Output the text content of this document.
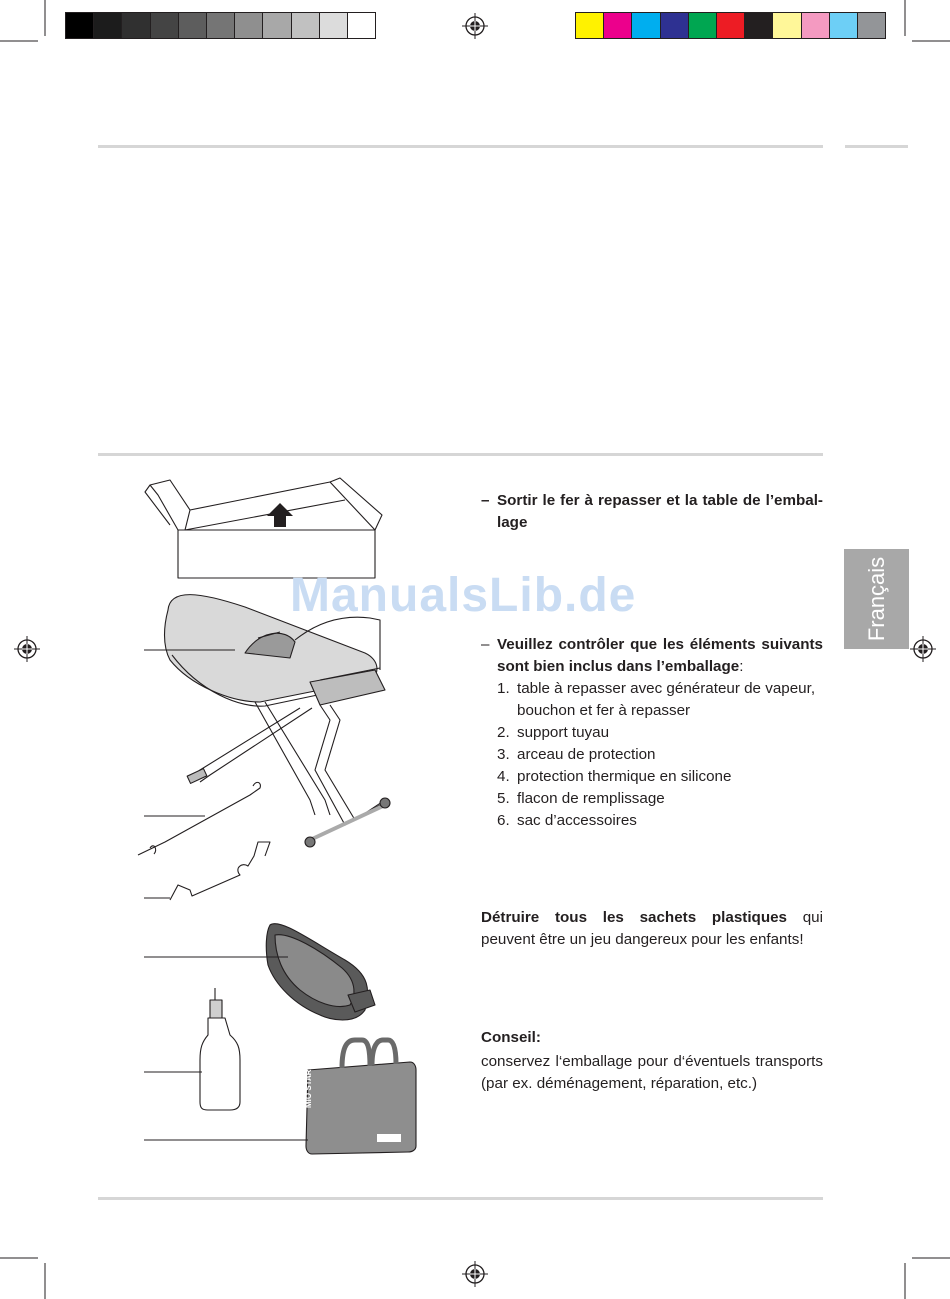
Français
MIO STAR
ManualsLib.de
– Sortir le fer à repasser et la table de l’embal-lage
– Veuillez contrôler que les éléments suivants sont bien inclus dans l’emballage:
1. table à repasser avec générateur de vapeur, bouchon et fer à repasser
2. support tuyau
3. arceau de protection
4. protection thermique en silicone
5. flacon de remplissage
6. sac d’accessoires
Détruire tous les sachets plastiques qui peuvent être un jeu dangereux pour les enfants!
Conseil:
conservez l‘emballage pour d‘éventuels transports (par ex. déménagement, réparation, etc.)
